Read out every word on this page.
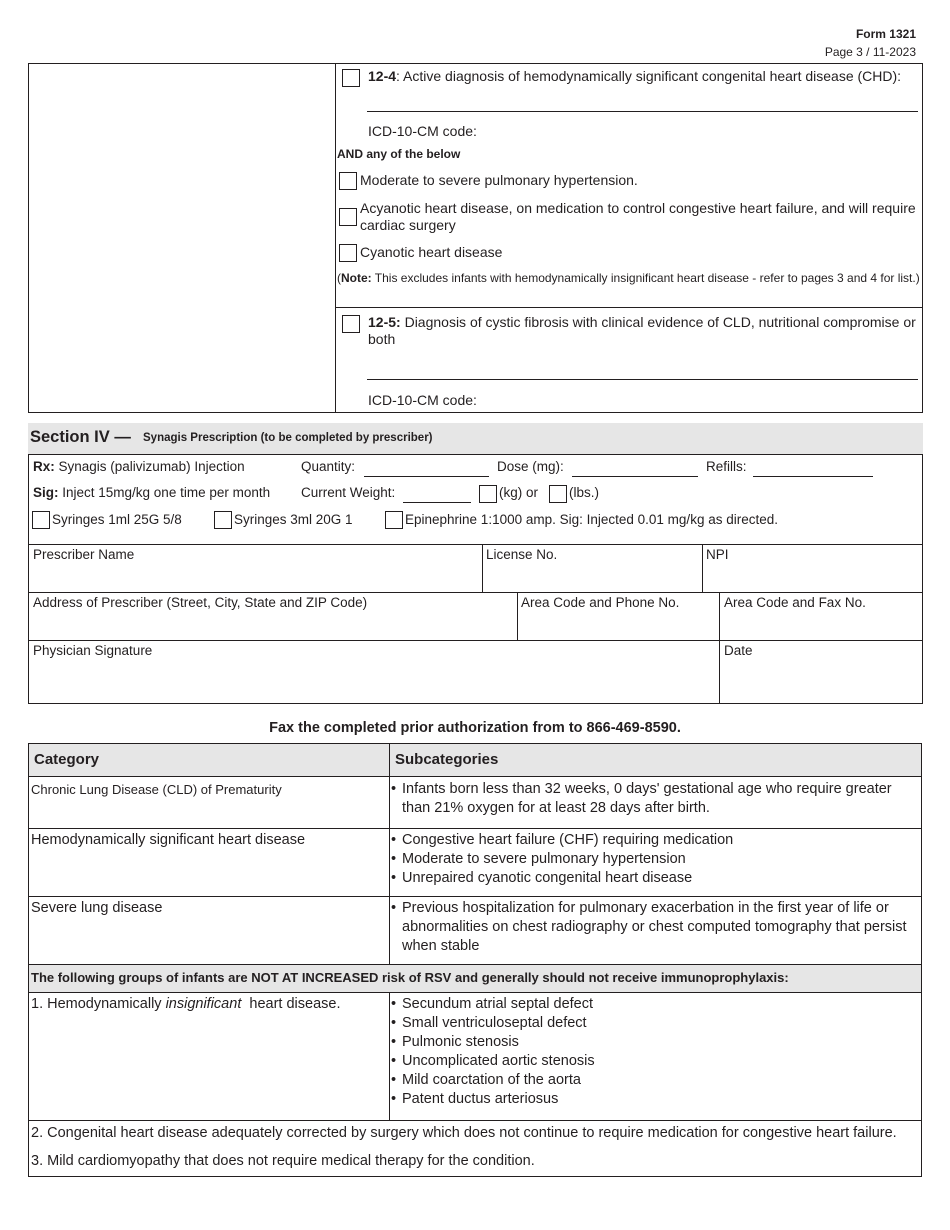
Form 1321
Page 3 / 11-2023
12-4: Active diagnosis of hemodynamically significant congenital heart disease (CHD):
ICD-10-CM code:
AND any of the below
Moderate to severe pulmonary hypertension.
Acyanotic heart disease, on medication to control congestive heart failure, and will require cardiac surgery
Cyanotic heart disease
(Note: This excludes infants with hemodynamically insignificant heart disease - refer to pages 3 and 4 for list.)
12-5: Diagnosis of cystic fibrosis with clinical evidence of CLD, nutritional compromise or both
ICD-10-CM code:
Section IV — Synagis Prescription (to be completed by prescriber)
Rx: Synagis (palivizumab) Injection	Quantity:	Dose (mg):	Refills:
Sig: Inject 15mg/kg one time per month Current Weight:	(kg) or (lbs.)
Syringes 1ml 25G 5/8	Syringes 3ml 20G 1	Epinephrine 1:1000 amp. Sig: Injected 0.01 mg/kg as directed.
Prescriber Name	License No.	NPI
Address of Prescriber (Street, City, State and ZIP Code)	Area Code and Phone No.	Area Code and Fax No.
Physician Signature	Date
Fax the completed prior authorization from to 866-469-8590.
Category	Subcategories
Chronic Lung Disease (CLD) of Prematurity	• Infants born less than 32 weeks, 0 days' gestational age who require greater than 21% oxygen for at least 28 days after birth.
Hemodynamically significant heart disease	• Congestive heart failure (CHF) requiring medication
• Moderate to severe pulmonary hypertension
• Unrepaired cyanotic congenital heart disease
Severe lung disease	• Previous hospitalization for pulmonary exacerbation in the first year of life or abnormalities on chest radiography or chest computed tomography that persist when stable
The following groups of infants are NOT AT INCREASED risk of RSV and generally should not receive immunoprophylaxis:
1. Hemodynamically insignificant  heart disease.	• Secundum atrial septal defect
• Small ventriculoseptal defect
• Pulmonic stenosis
• Uncomplicated aortic stenosis
• Mild coarctation of the aorta
• Patent ductus arteriosus
2. Congenital heart disease adequately corrected by surgery which does not continue to require medication for congestive heart failure.
3. Mild cardiomyopathy that does not require medical therapy for the condition.
